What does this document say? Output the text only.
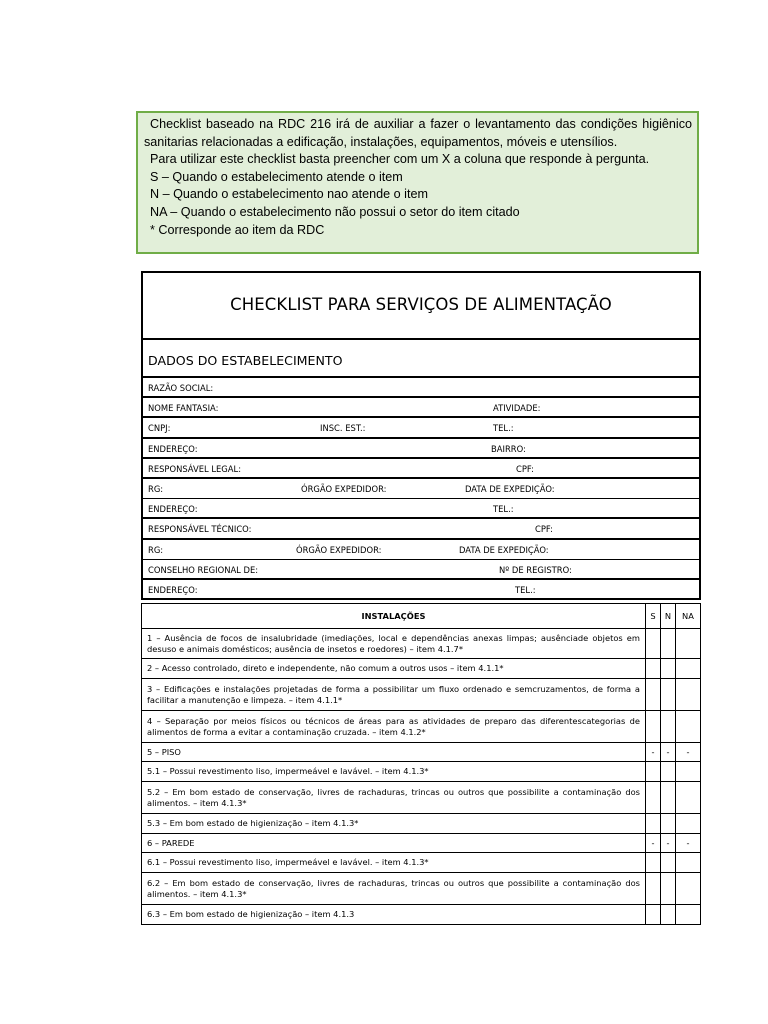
Checklist baseado na RDC 216 irá de auxiliar a fazer o levantamento das condições higiênico sanitarias relacionadas a edificação, instalações, equipamentos, móveis e utensílios.

Para utilizar este checklist basta preencher com um X a coluna que responde à pergunta.

S – Quando o estabelecimento atende o item

N – Quando o estabelecimento nao atende o item

NA – Quando o estabelecimento não possui o setor do item citado

* Corresponde ao item da RDC

CHECKLIST PARA SERVIÇOS DE ALIMENTAÇÃO
DADOS DO ESTABELECIMENTO
RAZÃO SOCIAL:
NOME FANTASIA:	ATIVIDADE:
CNPJ:	INSC. EST.:	TEL.:
ENDEREÇO:	BAIRRO:
RESPONSÁVEL LEGAL:	CPF:
RG:	ÓRGÃO EXPEDIDOR:	DATA DE EXPEDIÇÃO:
ENDEREÇO:	TEL.:
RESPONSÁVEL TÉCNICO:	CPF:
RG:	ÓRGÃO EXPEDIDOR:	DATA DE EXPEDIÇÃO:
CONSELHO REGIONAL DE:	Nº DE REGISTRO:
ENDEREÇO:	TEL.:
INSTALAÇÕES	S	N	NA
1 – Ausência de focos de insalubridade (imediações, local e dependências anexas limpas; ausênciade objetos em desuso e animais domésticos; ausência de insetos e roedores) – item 4.1.7*			
2 – Acesso controlado, direto e independente, não comum a outros usos – item 4.1.1*			
3 – Edificações e instalações projetadas de forma a possibilitar um fluxo ordenado e semcruzamentos, de forma a facilitar a manutenção e limpeza. – item 4.1.1*			
4 – Separação por meios físicos ou técnicos de áreas para as atividades de preparo das diferentescategorias de alimentos de forma a evitar a contaminação cruzada. – item 4.1.2*			
5 – PISO	-	-	-
5.1 – Possui revestimento liso, impermeável e lavável. – item 4.1.3*			
5.2 – Em bom estado de conservação, livres de rachaduras, trincas ou outros que possibilite a contaminação dos alimentos. – item 4.1.3*			
5.3 – Em bom estado de higienização – item 4.1.3*			
6 – PAREDE	-	-	-
6.1 – Possui revestimento liso, impermeável e lavável. – item 4.1.3*			
6.2 – Em bom estado de conservação, livres de rachaduras, trincas ou outros que possibilite a contaminação dos alimentos. – item 4.1.3*			
6.3 – Em bom estado de higienização – item 4.1.3			
